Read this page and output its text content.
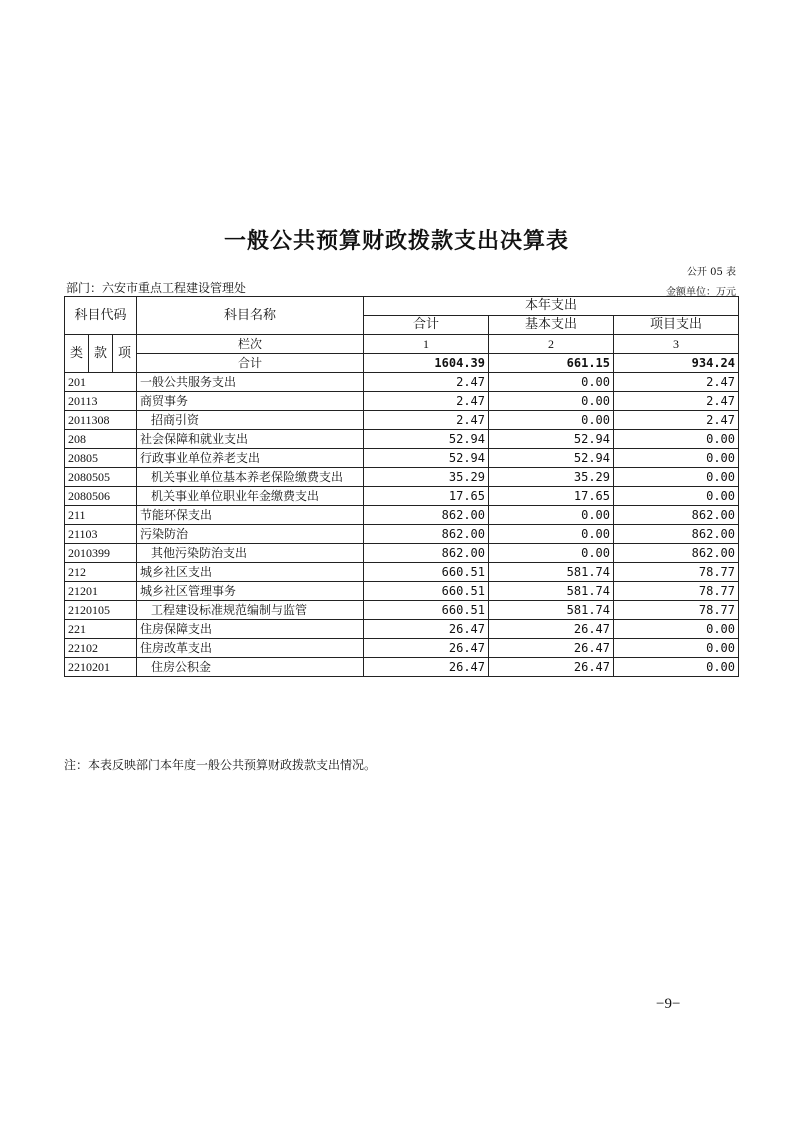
一般公共预算财政拨款支出决算表
公开 05 表
部门：六安市重点工程建设管理处	金额单位：万元
科目代码			科目名称	本年支出		
				合计	基本支出	项目支出
类	款	项	栏次	1	2	3
			合计	1604.39	661.15	934.24
201			一般公共服务支出	2.47	0.00	2.47
20113			商贸事务	2.47	0.00	2.47
2011308			招商引资	2.47	0.00	2.47
208			社会保障和就业支出	52.94	52.94	0.00
20805			行政事业单位养老支出	52.94	52.94	0.00
2080505			机关事业单位基本养老保险缴费支出	35.29	35.29	0.00
2080506			机关事业单位职业年金缴费支出	17.65	17.65	0.00
211			节能环保支出	862.00	0.00	862.00
21103			污染防治	862.00	0.00	862.00
2010399			其他污染防治支出	862.00	0.00	862.00
212			城乡社区支出	660.51	581.74	78.77
21201			城乡社区管理事务	660.51	581.74	78.77
2120105			工程建设标准规范编制与监管	660.51	581.74	78.77
221			住房保障支出	26.47	26.47	0.00
22102			住房改革支出	26.47	26.47	0.00
2210201			住房公积金	26.47	26.47	0.00
注：本表反映部门本年度一般公共预算财政拨款支出情况。
−9−
